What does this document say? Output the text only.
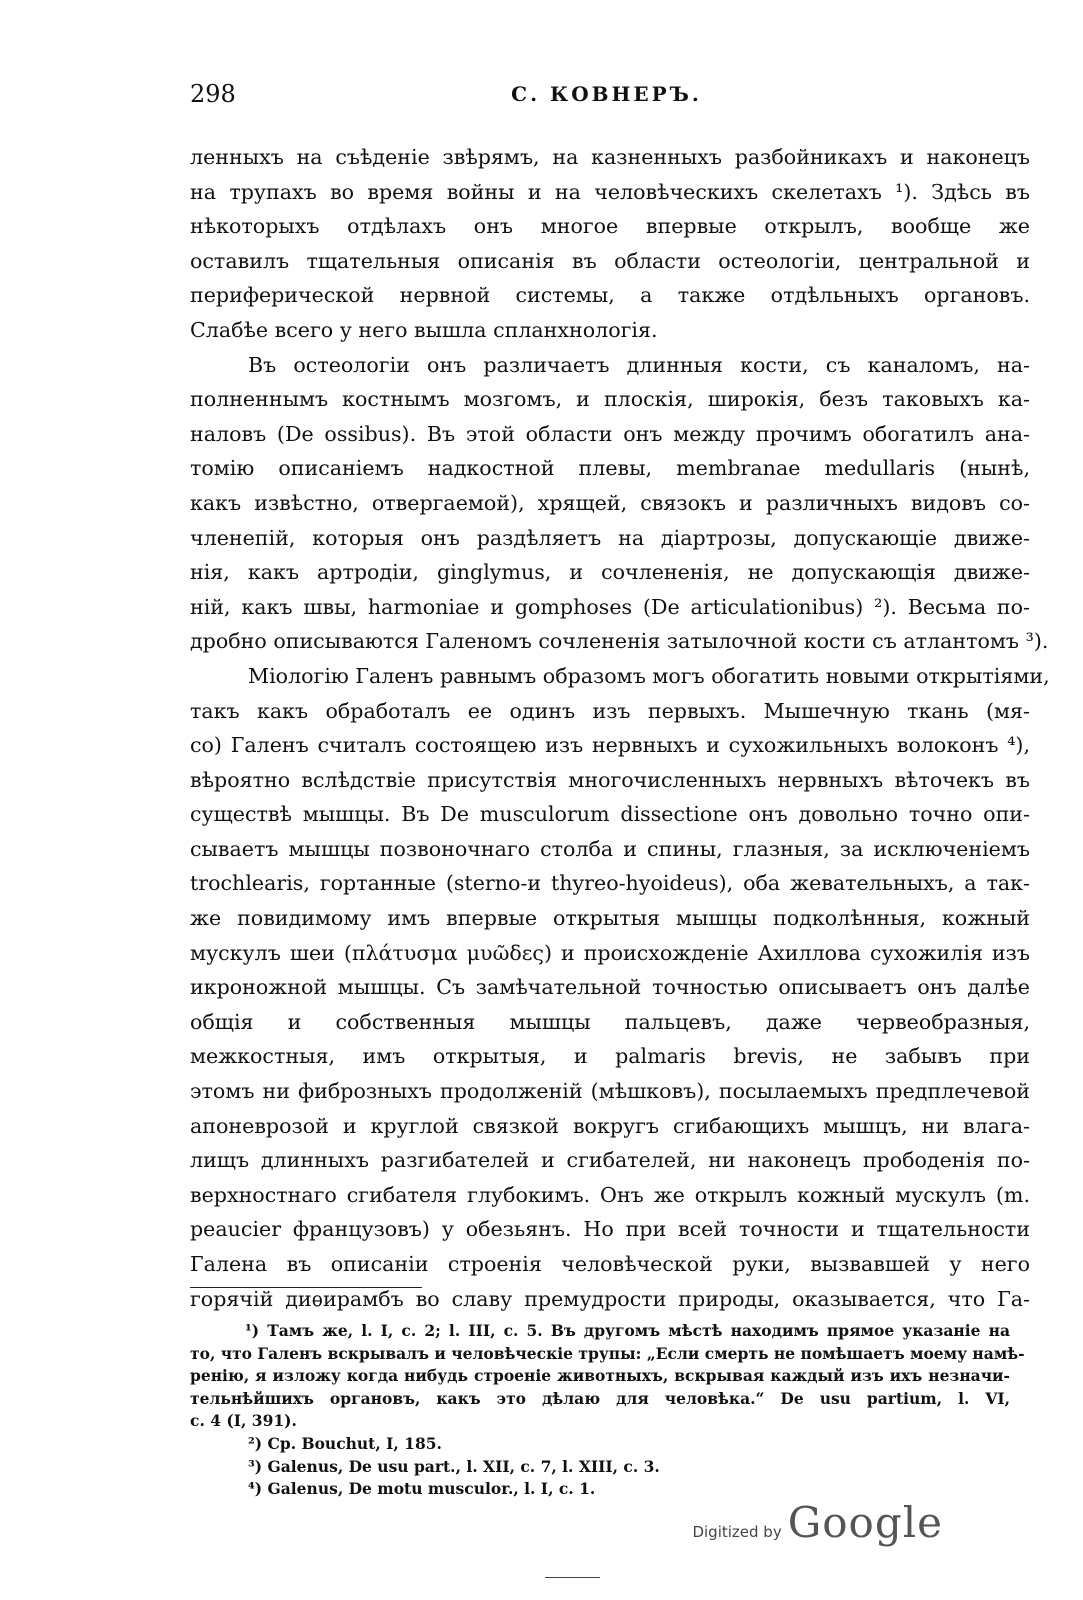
298	С. КОВНЕРЪ.
ленныхъ на съѣденіе звѣрямъ, на казненныхъ разбойникахъ и наконецъ
на трупахъ во время войны и на человѣческихъ скелетахъ ¹). Здѣсь въ
нѣкоторыхъ отдѣлахъ онъ многое впервые открылъ, вообще же
оставилъ тщательныя описанія въ области остеологіи, центральной и
периферической нервной системы, а также отдѣльныхъ органовъ.
Слабѣе всего у него вышла спланхнологія.
Въ остеологіи онъ различаетъ длинныя кости, съ каналомъ, на-
полненнымъ костнымъ мозгомъ, и плоскія, широкія, безъ таковыхъ ка-
наловъ (De ossibus). Въ этой области онъ между прочимъ обогатилъ ана-
томію описаніемъ надкостной плевы, membranae medullaris (нынѣ,
какъ извѣстно, отвергаемой), хрящей, связокъ и различныхъ видовъ со-
членепій, которыя онъ раздѣляетъ на діартрозы, допускающіе движе-
нія, какъ артродіи, ginglymus, и сочлененія, не допускающія движе-
ній, какъ швы, harmoniae и gomphoses (De articulationibus) ²). Весьма по-
дробно описываются Галеномъ сочлененія затылочной кости съ атлантомъ ³).
Міологію Галенъ равнымъ образомъ могъ обогатить новыми открытіями,
такъ какъ обработалъ ее одинъ изъ первыхъ. Мышечную ткань (мя-
со) Галенъ считалъ состоящею изъ нервныхъ и сухожильныхъ волоконъ ⁴),
вѣроятно вслѣдствіе присутствія многочисленныхъ нервныхъ вѣточекъ въ
существѣ мышцы. Въ De musculorum dissectione онъ довольно точно опи-
сываетъ мышцы позвоночнаго столба и спины, глазныя, за исключеніемъ
trochlearis, гортанные (sterno-и thyreo-hyoideus), оба жевательныхъ, а так-
же повидимому имъ впервые открытыя мышцы подколѣнныя, кожный
мускулъ шеи (πλάτυσμα μυῶδες) и происхожденіе Ахиллова сухожилія изъ
икроножной мышцы. Съ замѣчательной точностью описываетъ онъ далѣе
общія и собственныя мышцы пальцевъ, даже червеобразныя,
межкостныя, имъ открытыя, и palmaris brevis, не забывъ при
этомъ ни фиброзныхъ продолженій (мѣшковъ), посылаемыхъ предплечевой
апоневрозой и круглой связкой вокругъ сгибающихъ мышцъ, ни влага-
лищъ длинныхъ разгибателей и сгибателей, ни наконецъ прободенія по-
верхностнаго сгибателя глубокимъ. Онъ же открылъ кожный мускулъ (m.
peaucier французовъ) у обезьянъ. Но при всей точности и тщательности
Галена въ описаніи строенія человѣческой руки, вызвавшей у него
горячій диѳирамбъ во славу премудрости природы, оказывается, что Га-
¹) Тамъ же, l. I, c. 2; l. III, c. 5. Въ другомъ мѣстѣ находимъ прямое указаніе на
то, что Галенъ вскрывалъ и человѣческіе трупы: „Если смерть не помѣшаетъ моему намѣ-
ренію, я изложу когда нибудь строеніе животныхъ, вскрывая каждый изъ ихъ незначи-
тельнѣйшихъ органовъ, какъ это дѣлаю для человѣка.“ De usu partium, l. VI,
c. 4 (I, 391).
²) Cp. Bouchut, I, 185.
³) Galenus, De usu part., l. XII, c. 7, l. XIII, c. 3.
⁴) Galenus, De motu musculor., l. I, c. 1.
Digitized by Google
